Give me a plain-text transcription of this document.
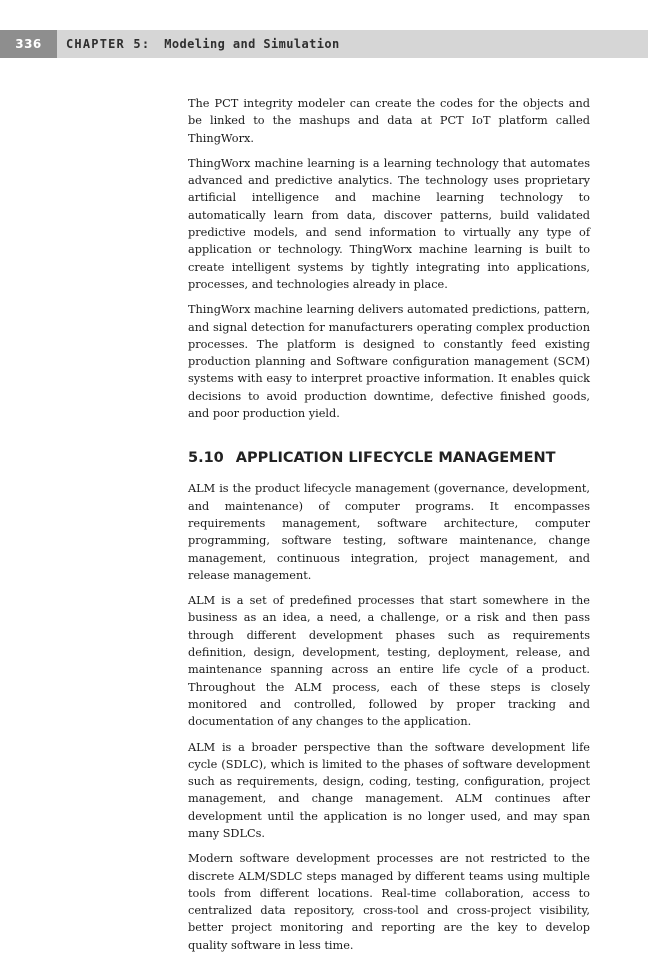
336	CHAPTER 5: Modeling and Simulation

The PCT integrity modeler can create the codes for the objects and be linked to the mashups and data at PCT IoT platform called ThingWorx.

ThingWorx machine learning is a learning technology that automates advanced and predictive analytics. The technology uses proprietary artificial intelligence and machine learning technology to automatically learn from data, discover patterns, build validated predictive models, and send information to virtually any type of application or technology. ThingWorx machine learning is built to create intelligent systems by tightly integrating into applications, processes, and technologies already in place.

ThingWorx machine learning delivers automated predictions, pattern, and signal detection for manufacturers operating complex production processes. The platform is designed to constantly feed existing production planning and Software configuration management (SCM) systems with easy to interpret proactive information. It enables quick decisions to avoid production downtime, defective finished goods, and poor production yield.

5.10 APPLICATION LIFECYCLE MANAGEMENT

ALM is the product lifecycle management (governance, development, and maintenance) of computer programs. It encompasses requirements management, software architecture, computer programming, software testing, software maintenance, change management, continuous integration, project management, and release management.

ALM is a set of predefined processes that start somewhere in the business as an idea, a need, a challenge, or a risk and then pass through different development phases such as requirements definition, design, development, testing, deployment, release, and maintenance spanning across an entire life cycle of a product. Throughout the ALM process, each of these steps is closely monitored and controlled, followed by proper tracking and documentation of any changes to the application.

ALM is a broader perspective than the software development life cycle (SDLC), which is limited to the phases of software development such as requirements, design, coding, testing, configuration, project management, and change management. ALM continues after development until the application is no longer used, and may span many SDLCs.

Modern software development processes are not restricted to the discrete ALM/SDLC steps managed by different teams using multiple tools from different locations. Real-time collaboration, access to centralized data repository, cross-tool and cross-project visibility, better project monitoring and reporting are the key to develop quality software in less time.
